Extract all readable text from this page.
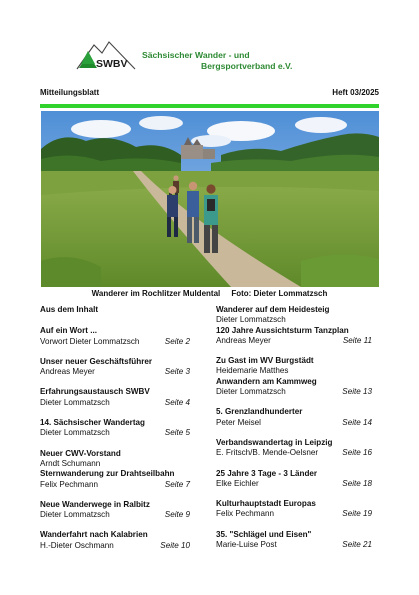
SWBV
Sächsischer Wander - und
Bergsportverband e.V.
Mitteilungsblatt	Heft 03/2025
Wanderer im Rochlitzer Muldental     Foto: Dieter Lommatzsch
Aus dem Inhalt
Auf ein Wort ...
Vorwort Dieter Lommatzsch	Seite 2
Unser neuer Geschäftsführer
Andreas Meyer	Seite 3
Erfahrungsaustausch SWBV
Dieter Lommatzsch	Seite 4
14. Sächsischer Wandertag
Dieter Lommatzsch	Seite 5
Neuer CWV-Vorstand
Arndt Schumann
Sternwanderung zur Drahtseilbahn
Felix Pechmann	Seite 7
Neue Wanderwege in Ralbitz
Dieter Lommatzsch	Seite 9
Wanderfahrt nach Kalabrien
H.-Dieter Oschmann	Seite 10
Wanderer auf dem Heidesteig
Dieter Lommatzsch
120 Jahre Aussichtsturm Tanzplan
Andreas Meyer	Seite 11
Zu Gast im WV Burgstädt
Heidemarie Matthes
Anwandern am Kammweg
Dieter Lommatzsch	Seite 13
5. Grenzlandhunderter
Peter Meisel	Seite 14
Verbandswandertag in Leipzig
E. Fritsch/B. Mende-Oelsner	Seite 16
25 Jahre 3 Tage - 3 Länder
Elke Eichler	Seite 18
Kulturhauptstadt Europas
Felix Pechmann	Seite 19
35. "Schlägel und Eisen"
Marie-Luise Post	Seite 21
